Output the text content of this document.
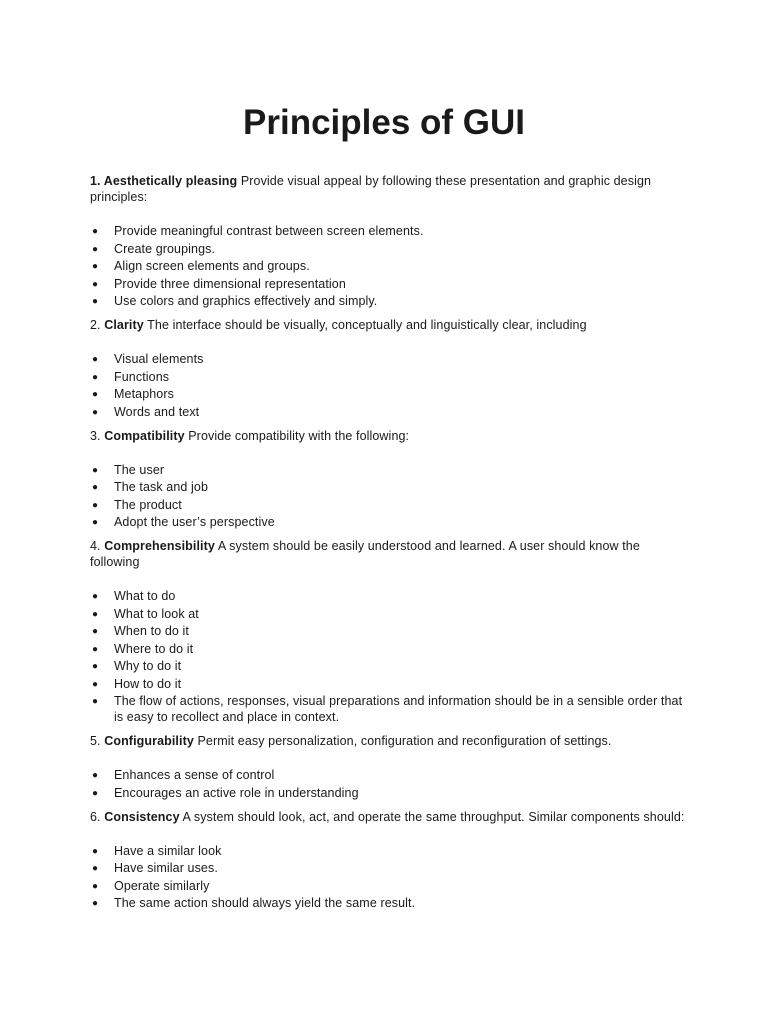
Principles of GUI

1. Aesthetically pleasing Provide visual appeal by following these presentation and graphic design principles:

● Provide meaningful contrast between screen elements.
● Create groupings.
● Align screen elements and groups.
● Provide three dimensional representation
● Use colors and graphics effectively and simply.

2. Clarity The interface should be visually, conceptually and linguistically clear, including

● Visual elements
● Functions
● Metaphors
● Words and text

3. Compatibility Provide compatibility with the following:

● The user
● The task and job
● The product
● Adopt the user’s perspective

4. Comprehensibility A system should be easily understood and learned. A user should know the following

● What to do
● What to look at
● When to do it
● Where to do it
● Why to do it
● How to do it
● The flow of actions, responses, visual preparations and information should be in a sensible order that is easy to recollect and place in context.

5. Configurability Permit easy personalization, configuration and reconfiguration of settings.

● Enhances a sense of control
● Encourages an active role in understanding

6. Consistency A system should look, act, and operate the same throughput. Similar components should:

● Have a similar look
● Have similar uses.
● Operate similarly
● The same action should always yield the same result.
